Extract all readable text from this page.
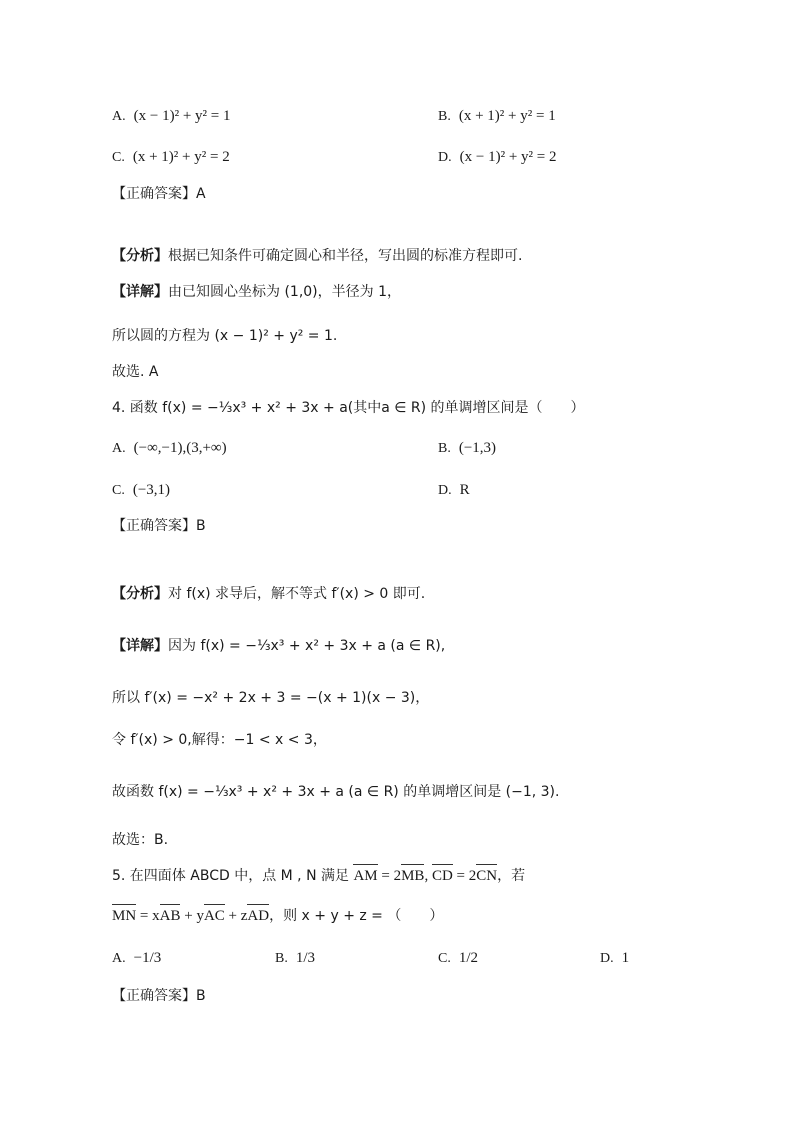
A. (x − 1)² + y² = 1	B. (x + 1)² + y² = 1
C. (x + 1)² + y² = 2	D. (x − 1)² + y² = 2
【正确答案】A
【分析】根据已知条件可确定圆心和半径，写出圆的标准方程即可.
【详解】由已知圆心坐标为 (1,0)，半径为 1，
所以圆的方程为 (x − 1)² + y² = 1.
故选. A
4. 函数 f(x) = −⅓x³ + x² + 3x + a(其中a ∈ R) 的单调增区间是（　　）
A. (−∞,−1),(3,+∞)	B. (−1,3)
C. (−3,1)	D. R
【正确答案】B
【分析】对 f(x) 求导后，解不等式 f′(x) > 0 即可.
【详解】因为 f(x) = −⅓x³ + x² + 3x + a (a ∈ R),
所以 f′(x) = −x² + 2x + 3 = −(x + 1)(x − 3)，
令 f′(x) > 0,解得：−1 < x < 3，
故函数 f(x) = −⅓x³ + x² + 3x + a (a ∈ R) 的单调增区间是 (−1, 3).
故选：B.
5. 在四面体 ABCD 中，点 M , N 满足 AM = 2MB, CD = 2CN，若
MN = xAB + yAC + zAD，则 x + y + z = （　　）
A. −1/3	B. 1/3	C. 1/2	D. 1
【正确答案】B
